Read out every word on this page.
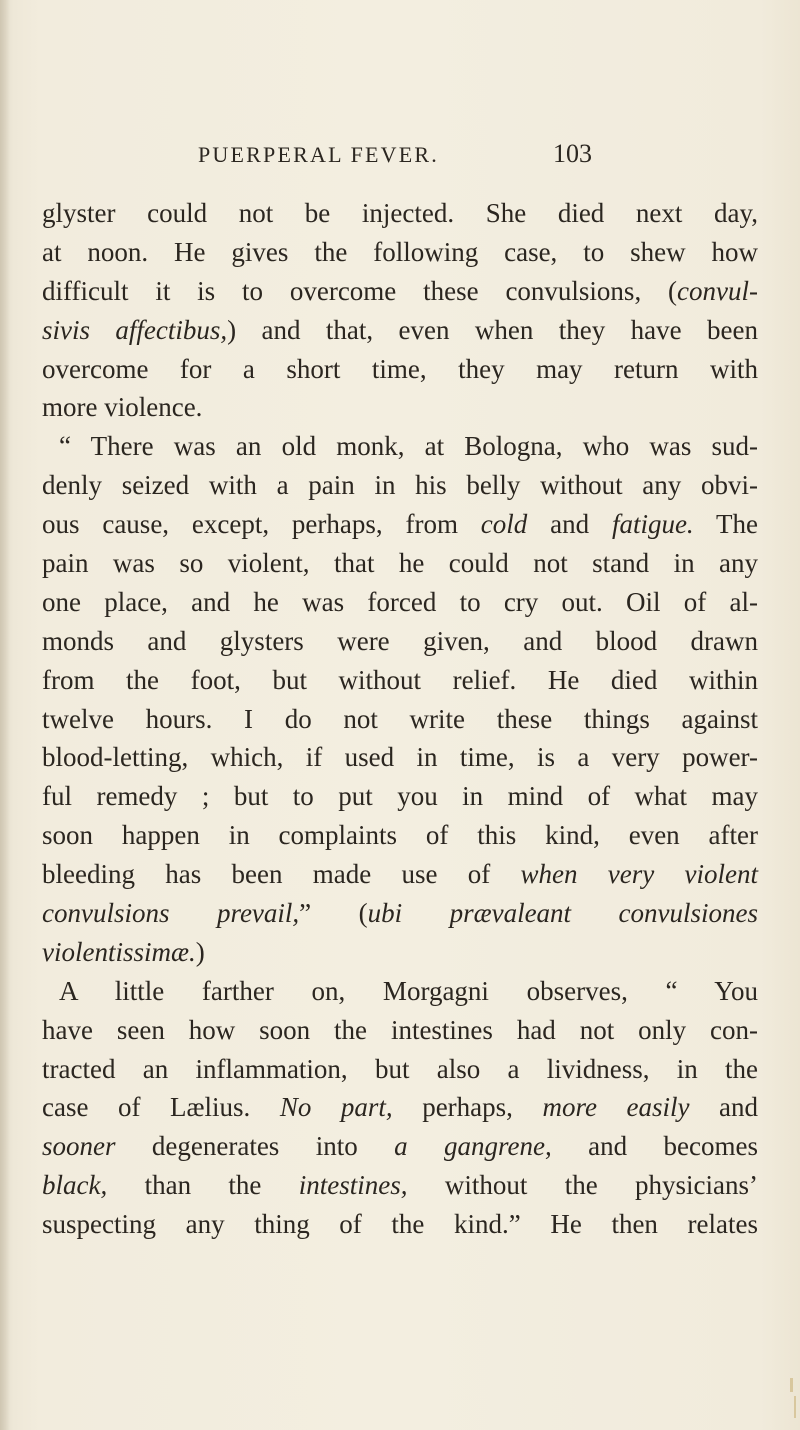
PUERPERAL FEVER.	103
glyster could not be injected. She died next day,
at noon. He gives the following case, to shew how
difficult it is to overcome these convulsions, (convul-
sivis affectibus,) and that, even when they have been
overcome for a short time, they may return with
more violence.
“ There was an old monk, at Bologna, who was sud-
denly seized with a pain in his belly without any obvi-
ous cause, except, perhaps, from cold and fatigue. The
pain was so violent, that he could not stand in any
one place, and he was forced to cry out. Oil of al-
monds and glysters were given, and blood drawn
from the foot, but without relief. He died within
twelve hours. I do not write these things against
blood-letting, which, if used in time, is a very power-
ful remedy ; but to put you in mind of what may
soon happen in complaints of this kind, even after
bleeding has been made use of when very violent
convulsions prevail,” (ubi prævaleant convulsiones
violentissimæ.)
A little farther on, Morgagni observes, “ You
have seen how soon the intestines had not only con-
tracted an inflammation, but also a lividness, in the
case of Lælius. No part, perhaps, more easily and
sooner degenerates into a gangrene, and becomes
black, than the intestines, without the physicians’
suspecting any thing of the kind.” He then relates
